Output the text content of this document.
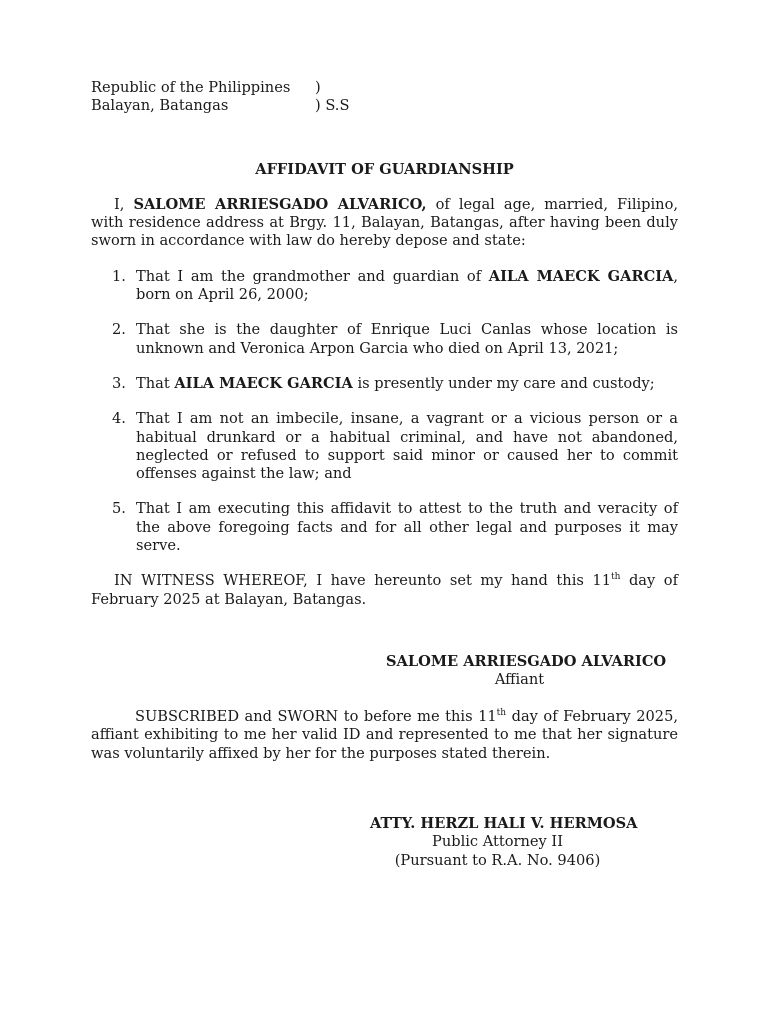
Republic of the Philippines )
Balayan, Batangas	) S.S
AFFIDAVIT OF GUARDIANSHIP
I, SALOME ARRIESGADO ALVARICO, of legal age, married, Filipino, with residence address at Brgy. 11, Balayan, Batangas, after having been duly sworn in accordance with law do hereby depose and state:
1. That I am the grandmother and guardian of AILA MAECK GARCIA, born on April 26, 2000;
2. That she is the daughter of Enrique Luci Canlas whose location is unknown and Veronica Arpon Garcia who died on April 13, 2021;
3. That AILA MAECK GARCIA is presently under my care and custody;
4. That I am not an imbecile, insane, a vagrant or a vicious person or a habitual drunkard or a habitual criminal, and have not abandoned, neglected or refused to support said minor or caused her to commit offenses against the law; and
5. That I am executing this affidavit to attest to the truth and veracity of the above foregoing facts and for all other legal and purposes it may serve.
IN WITNESS WHEREOF, I have hereunto set my hand this 11th day of February 2025 at Balayan, Batangas.
SALOME ARRIESGADO ALVARICO
Affiant
SUBSCRIBED and SWORN to before me this 11th day of February 2025, affiant exhibiting to me her valid ID and represented to me that her signature was voluntarily affixed by her for the purposes stated therein.
ATTY. HERZL HALI V. HERMOSA
Public Attorney II
(Pursuant to R.A. No. 9406)
